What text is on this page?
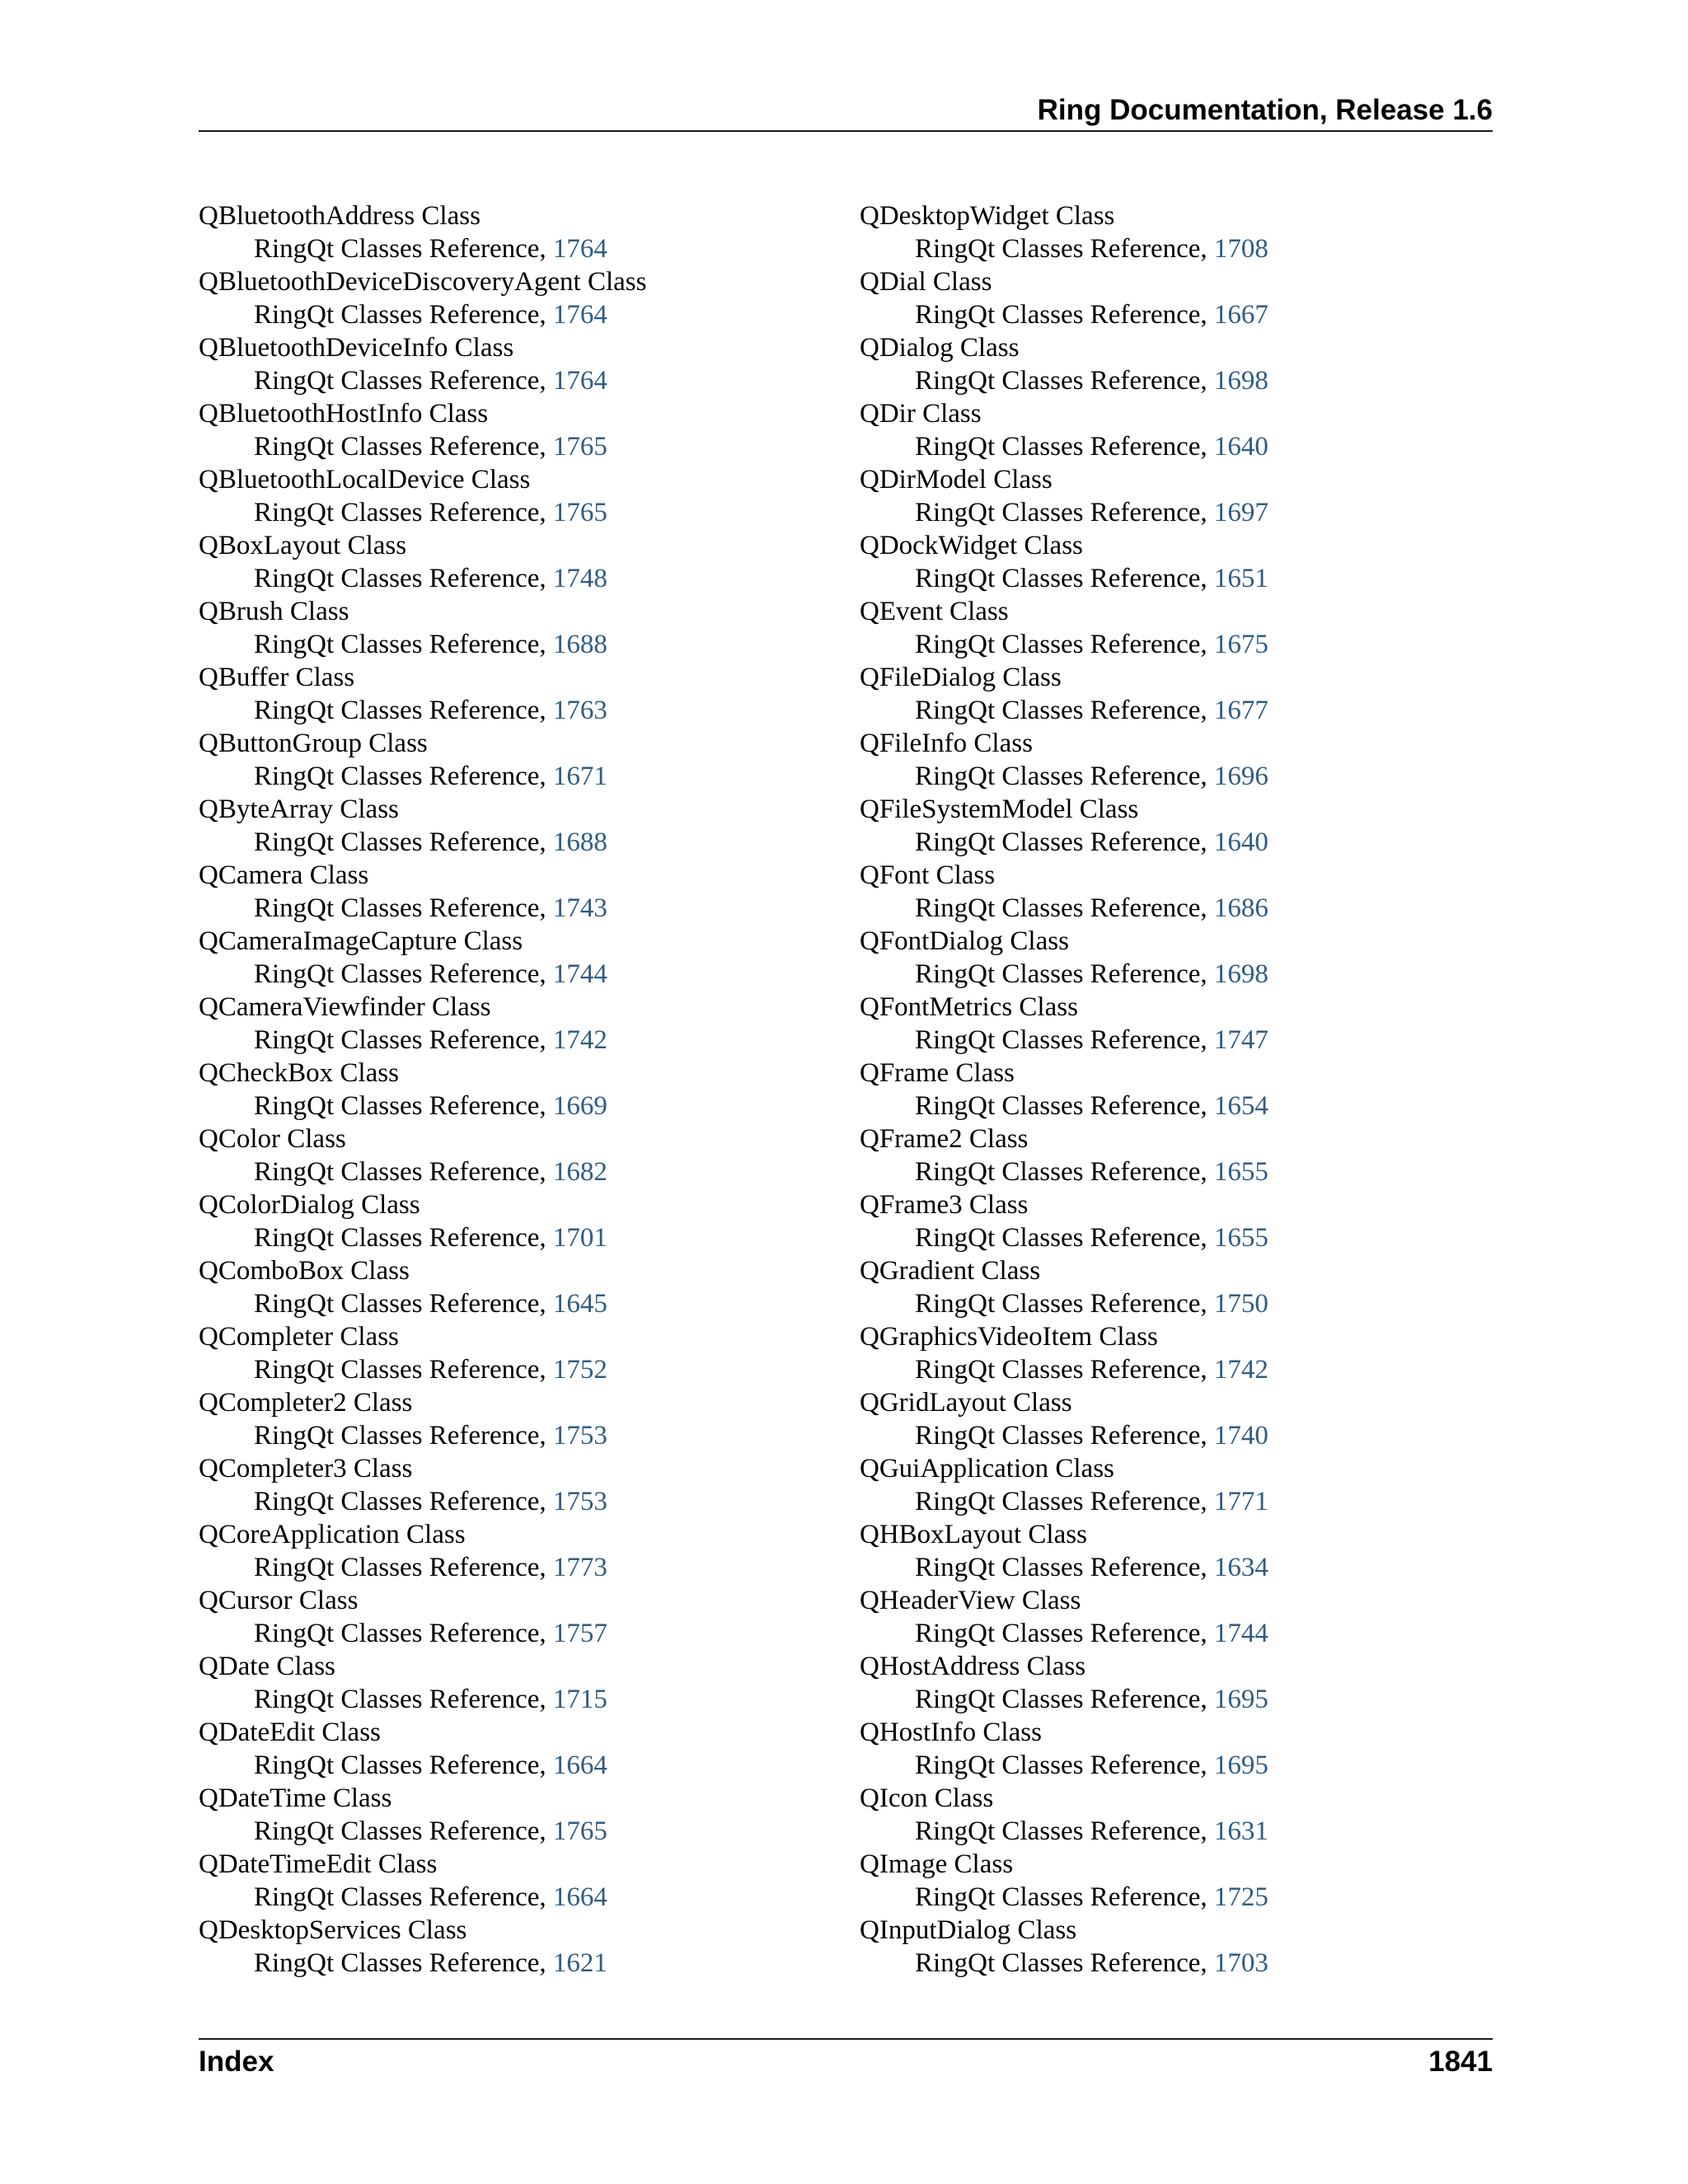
Ring Documentation, Release 1.6
QBluetoothAddress Class
RingQt Classes Reference, 1764
QBluetoothDeviceDiscoveryAgent Class
RingQt Classes Reference, 1764
QBluetoothDeviceInfo Class
RingQt Classes Reference, 1764
QBluetoothHostInfo Class
RingQt Classes Reference, 1765
QBluetoothLocalDevice Class
RingQt Classes Reference, 1765
QBoxLayout Class
RingQt Classes Reference, 1748
QBrush Class
RingQt Classes Reference, 1688
QBuffer Class
RingQt Classes Reference, 1763
QButtonGroup Class
RingQt Classes Reference, 1671
QByteArray Class
RingQt Classes Reference, 1688
QCamera Class
RingQt Classes Reference, 1743
QCameraImageCapture Class
RingQt Classes Reference, 1744
QCameraViewfinder Class
RingQt Classes Reference, 1742
QCheckBox Class
RingQt Classes Reference, 1669
QColor Class
RingQt Classes Reference, 1682
QColorDialog Class
RingQt Classes Reference, 1701
QComboBox Class
RingQt Classes Reference, 1645
QCompleter Class
RingQt Classes Reference, 1752
QCompleter2 Class
RingQt Classes Reference, 1753
QCompleter3 Class
RingQt Classes Reference, 1753
QCoreApplication Class
RingQt Classes Reference, 1773
QCursor Class
RingQt Classes Reference, 1757
QDate Class
RingQt Classes Reference, 1715
QDateEdit Class
RingQt Classes Reference, 1664
QDateTime Class
RingQt Classes Reference, 1765
QDateTimeEdit Class
RingQt Classes Reference, 1664
QDesktopServices Class
RingQt Classes Reference, 1621
QDesktopWidget Class
RingQt Classes Reference, 1708
QDial Class
RingQt Classes Reference, 1667
QDialog Class
RingQt Classes Reference, 1698
QDir Class
RingQt Classes Reference, 1640
QDirModel Class
RingQt Classes Reference, 1697
QDockWidget Class
RingQt Classes Reference, 1651
QEvent Class
RingQt Classes Reference, 1675
QFileDialog Class
RingQt Classes Reference, 1677
QFileInfo Class
RingQt Classes Reference, 1696
QFileSystemModel Class
RingQt Classes Reference, 1640
QFont Class
RingQt Classes Reference, 1686
QFontDialog Class
RingQt Classes Reference, 1698
QFontMetrics Class
RingQt Classes Reference, 1747
QFrame Class
RingQt Classes Reference, 1654
QFrame2 Class
RingQt Classes Reference, 1655
QFrame3 Class
RingQt Classes Reference, 1655
QGradient Class
RingQt Classes Reference, 1750
QGraphicsVideoItem Class
RingQt Classes Reference, 1742
QGridLayout Class
RingQt Classes Reference, 1740
QGuiApplication Class
RingQt Classes Reference, 1771
QHBoxLayout Class
RingQt Classes Reference, 1634
QHeaderView Class
RingQt Classes Reference, 1744
QHostAddress Class
RingQt Classes Reference, 1695
QHostInfo Class
RingQt Classes Reference, 1695
QIcon Class
RingQt Classes Reference, 1631
QImage Class
RingQt Classes Reference, 1725
QInputDialog Class
RingQt Classes Reference, 1703
Index	1841
